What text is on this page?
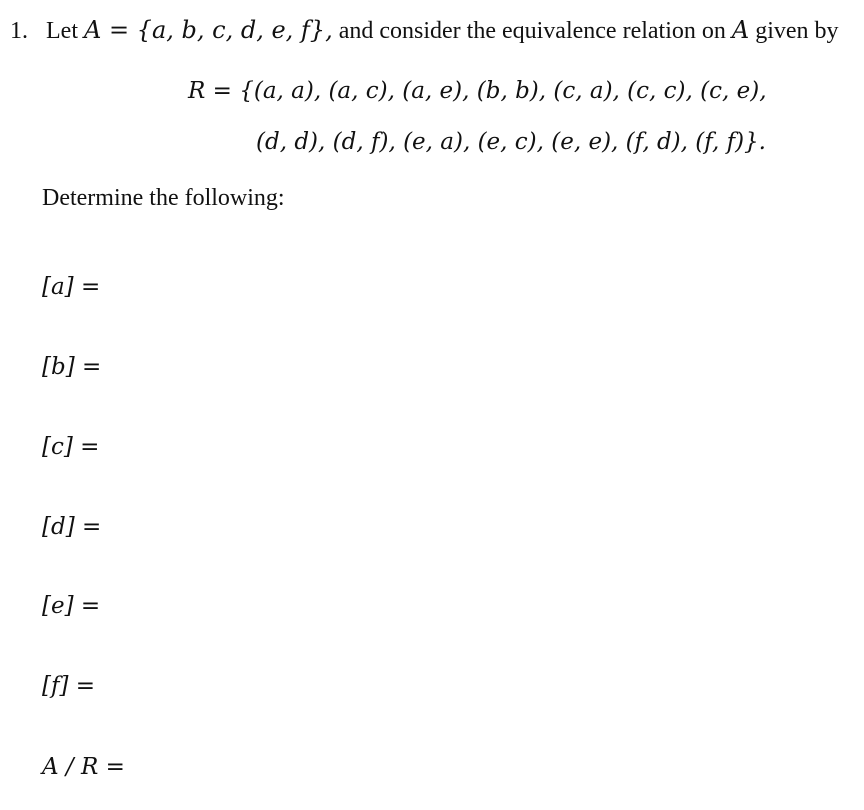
1. Let A = {a, b, c, d, e, f}, and consider the equivalence relation on A given by
R = {(a, a), (a, c), (a, e), (b, b), (c, a), (c, c), (c, e),
(d, d), (d, f), (e, a), (e, c), (e, e), (f, d), (f, f)}.
Determine the following:
[a] =
[b] =
[c] =
[d] =
[e] =
[f] =
A / R =
